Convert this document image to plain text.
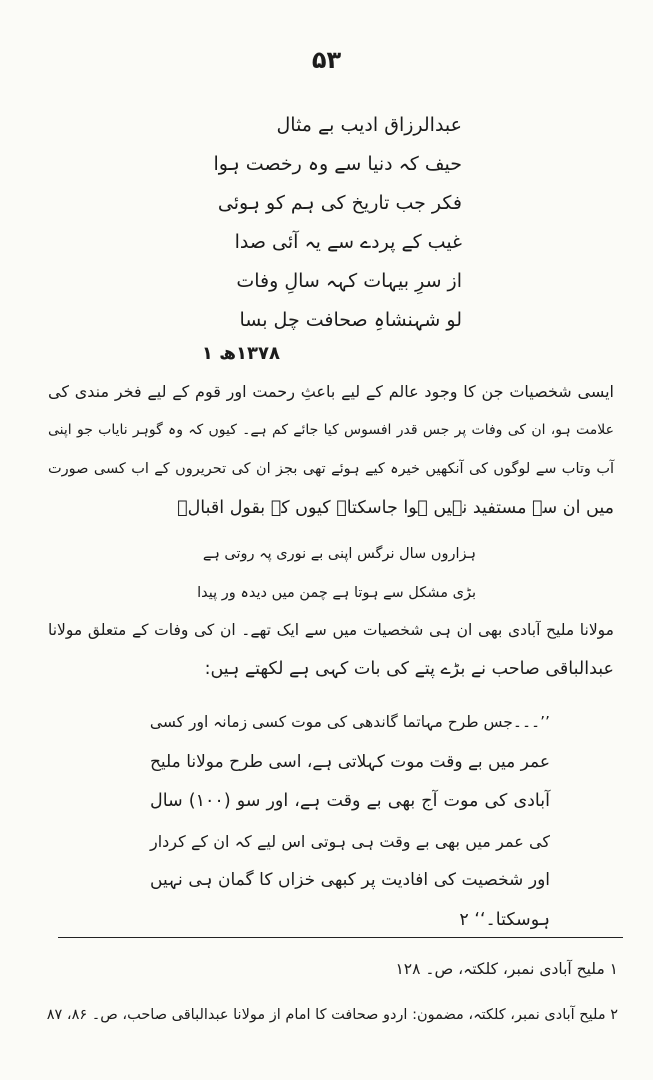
۵۳
عبدالرزاق ادیب بے مثال
حیف کہ دنیا سے وہ رخصت ہوا
فکر جب تاریخ کی ہم کو ہوئی
غیب کے پردے سے یہ آئی صدا
از سرِ بیہات کہہ سالِ وفات
لو شہنشاہِ صحافت چل بسا
۱۳۷۸ھ ۱
ایسی شخصیات جن کا وجود عالم کے لیے باعثِ رحمت اور قوم کے لیے فخر مندی کی
علامت ہو، ان کی وفات پر جس قدر افسوس کیا جائے کم ہے۔ کیوں کہ وہ گوہر نایاب جو اپنی
آب وتاب سے لوگوں کی آنکھیں خیرہ کیے ہوئے تھی بجز ان کی تحریروں کے اب کسی صورت
میں ان سے مستفید نہیں ہوا جاسکتا۔ کیوں کہ بقول اقبالؔ
ہزاروں سال نرگس اپنی بے نوری پہ روتی ہے
بڑی مشکل سے ہوتا ہے چمن میں دیدہ ور پیدا
مولانا ملیح آبادی بھی ان ہی شخصیات میں سے ایک تھے۔ ان کی وفات کے متعلق مولانا
عبدالباقی صاحب نے بڑے پتے کی بات کہی ہے لکھتے ہیں:
’’۔۔۔جس طرح مہاتما گاندھی کی موت کسی زمانہ اور کسی
عمر میں بے وقت موت کہلاتی ہے، اسی طرح مولانا ملیح
آبادی کی موت آج بھی بے وقت ہے، اور سو (۱۰۰) سال
کی عمر میں بھی بے وقت ہی ہوتی اس لیے کہ ان کے کردار
اور شخصیت کی افادیت پر کبھی خزاں کا گمان ہی نہیں
ہوسکتا۔‘‘ ۲
۱ ملیح آبادی نمبر، کلکتہ، ص۔ ۱۲۸
۲ ملیح آبادی نمبر، کلکتہ، مضمون: اردو صحافت کا امام از مولانا عبدالباقی صاحب، ص۔ ۸۶، ۸۷
